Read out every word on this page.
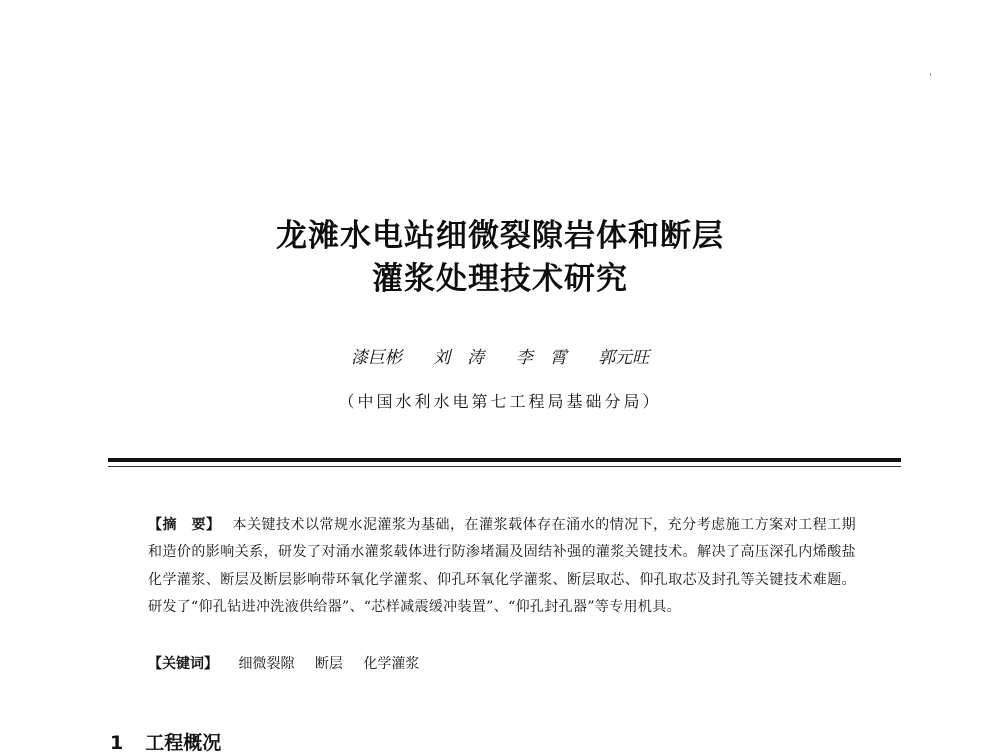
龙滩水电站细微裂隙岩体和断层
灌浆处理技术研究
漆巨彬 刘　涛 李　霄 郭元旺
（中国水利水电第七工程局基础分局）
【摘　要】 本关键技术以常规水泥灌浆为基础，在灌浆载体存在涌水的情况下，充分考虑施工方案对工程工期和造价的影响关系，研发了对涌水灌浆载体进行防渗堵漏及固结补强的灌浆关键技术。解决了高压深孔内烯酸盐化学灌浆、断层及断层影响带环氧化学灌浆、仰孔环氧化学灌浆、断层取芯、仰孔取芯及封孔等关键技术难题。研发了“仰孔钻进冲洗液供给器”、“芯样减震缓冲装置”、“仰孔封孔器”等专用机具。
【关键词】 细微裂隙 断层 化学灌浆
1 工程概况
